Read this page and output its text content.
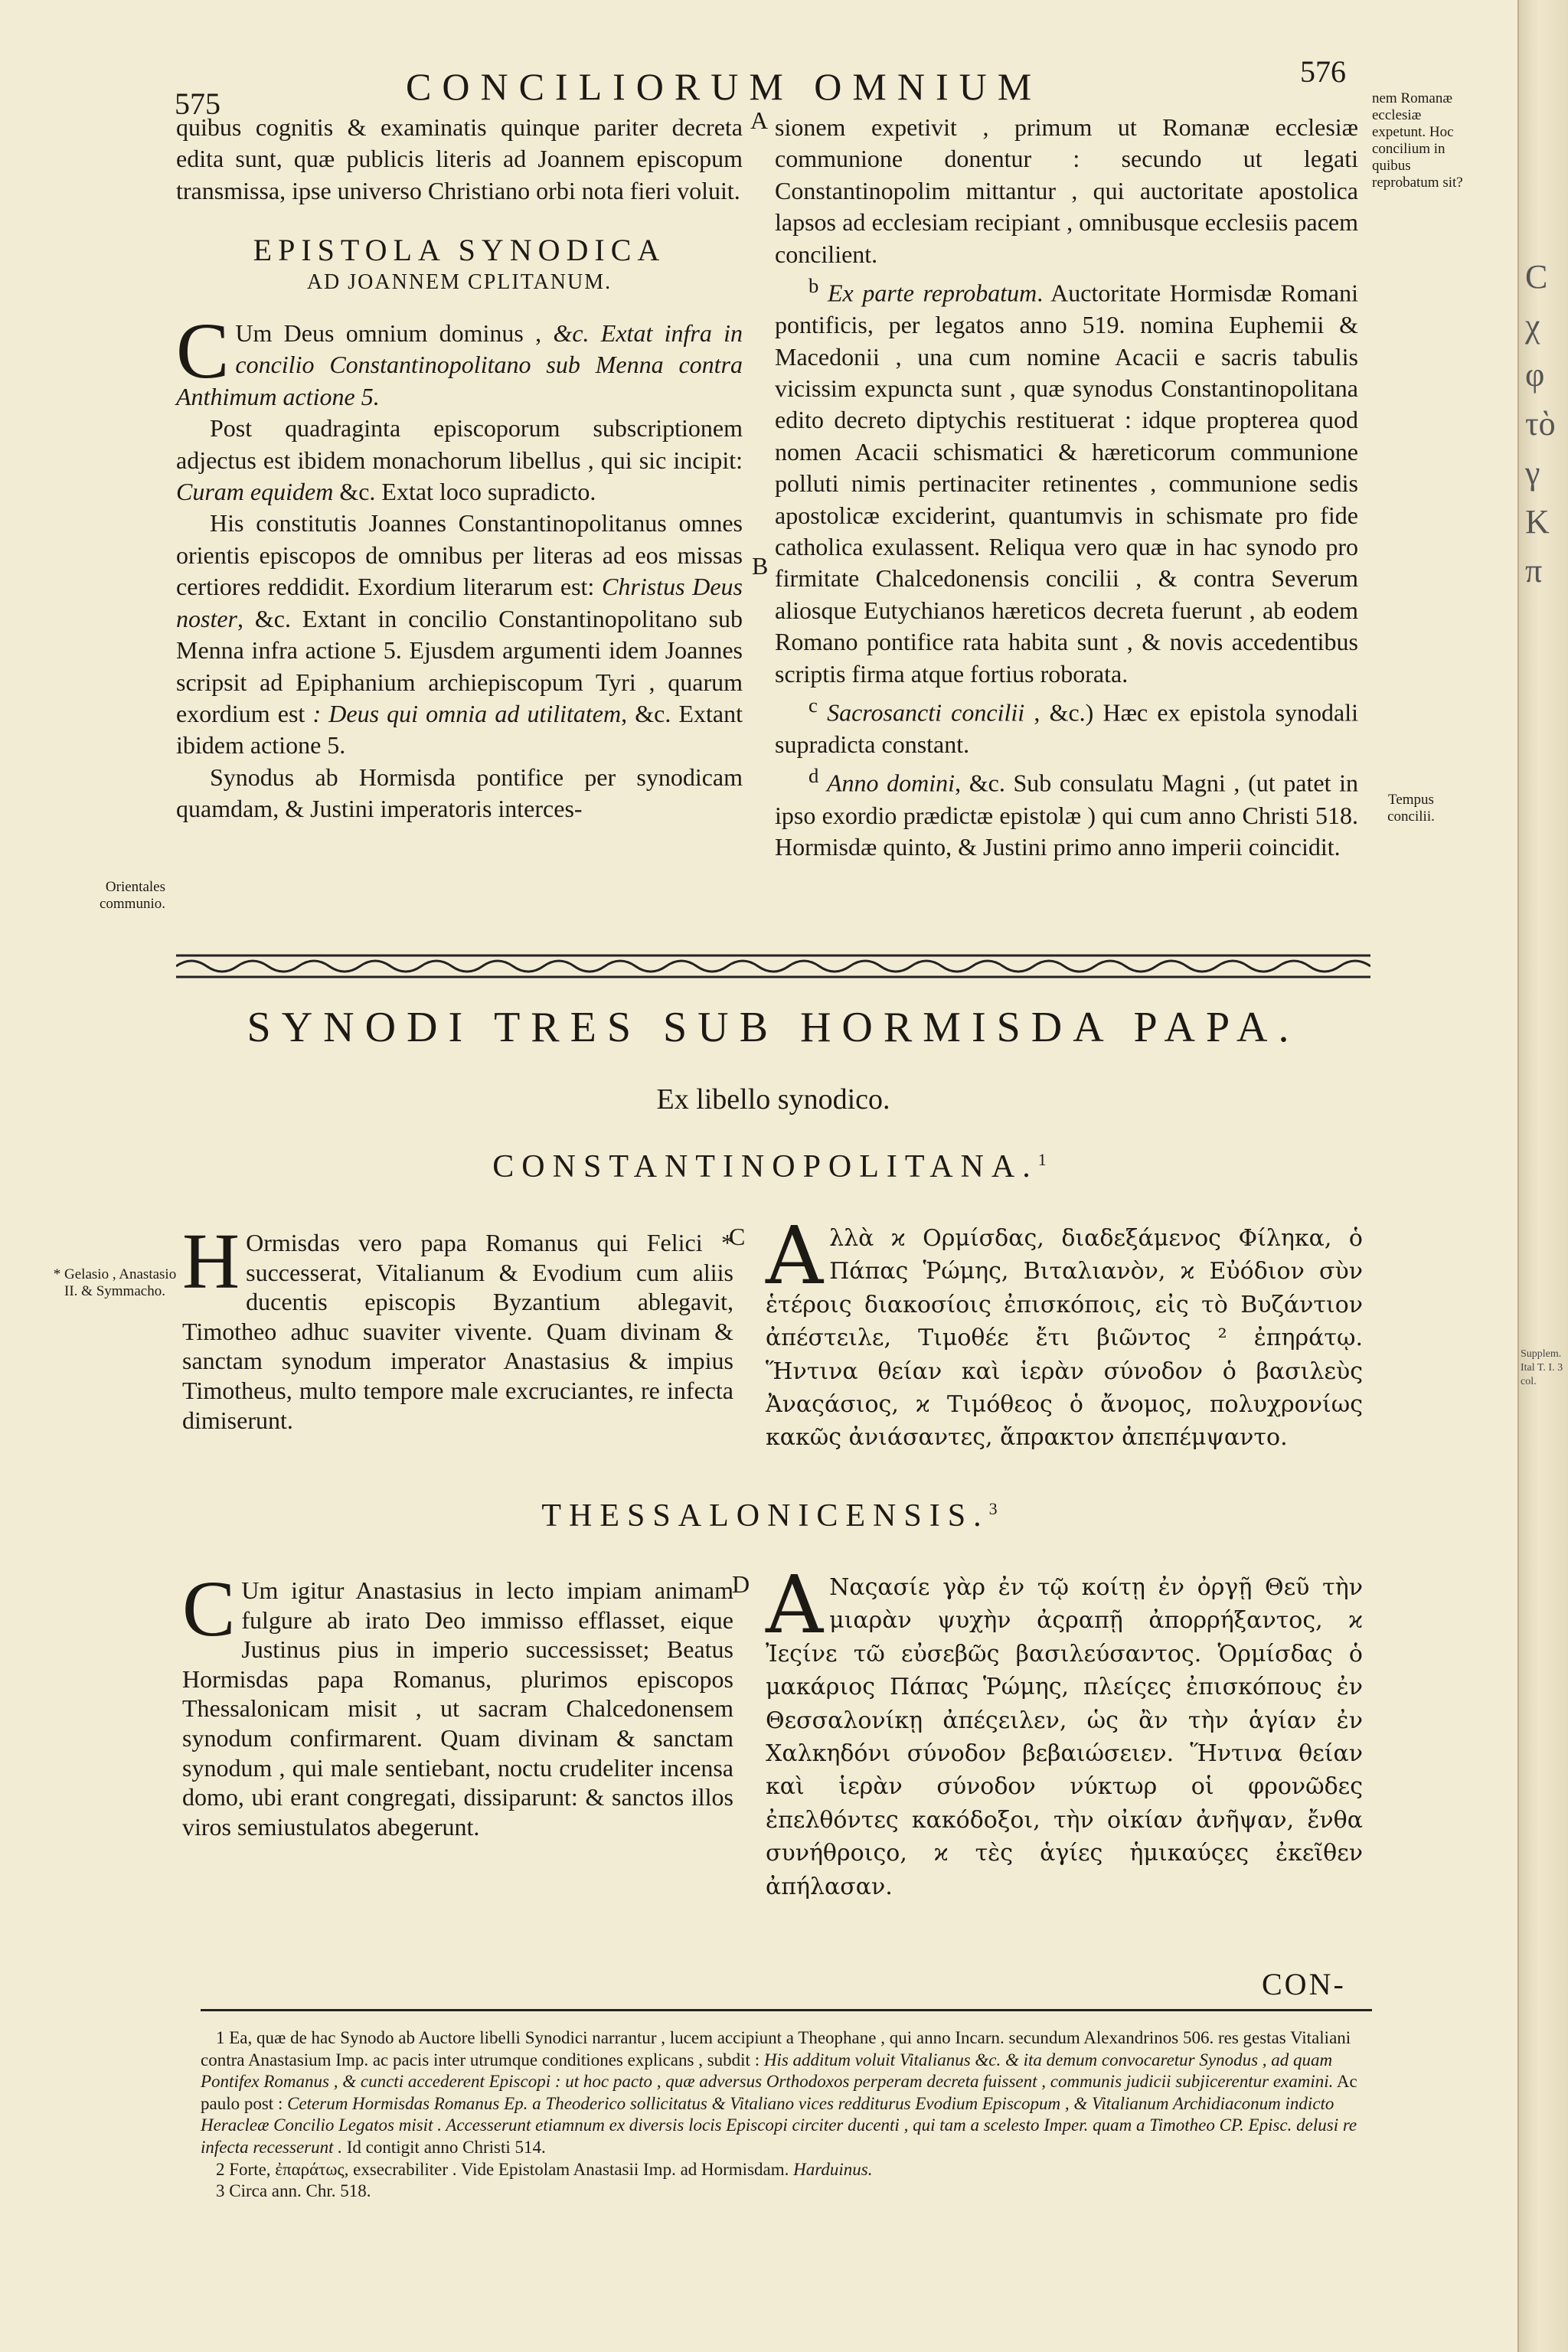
C
χ
φ
τὸ
γ
K
π
Supplem. Ital T. I. 3 col.
575	CONCILIORUM OMNIUM	576

quibus cognitis & examinatis quinque pariter decreta edita sunt, quæ publicis literis ad Joannem episcopum transmissa, ipse universo Christiano orbi nota fieri voluit.

EPISTOLA SYNODICA
AD JOANNEM CPLITANUM.

C Um Deus omnium dominus , &c. Extat infra in concilio Constantinopolitano sub Menna contra Anthimum actione 5.

Post quadraginta episcoporum subscriptionem adjectus est ibidem monachorum libellus , qui sic incipit: Curam equidem &c. Extat loco supradicto.

His constitutis Joannes Constantinopolitanus omnes orientis episcopos de omnibus per literas ad eos missas certiores reddidit. Exordium literarum est: Christus Deus noster, &c. Extant in concilio Constantinopolitano sub Menna infra actione 5. Ejusdem argumenti idem Joannes scripsit ad Epiphanium archiepiscopum Tyri , quarum exordium est : Deus qui omnia ad utilitatem, &c. Extant ibidem actione 5.

Synodus ab Hormisda pontifice per synodicam quamdam, & Justini imperatoris interces-

sionem expetivit , primum ut Romanæ ecclesiæ communione donentur : secundo ut legati Constantinopolim mittantur , qui auctoritate apostolica lapsos ad ecclesiam recipiant , omnibusque ecclesiis pacem concilient.

$^b$ Ex parte reprobatum. Auctoritate Hormisdæ Romani pontificis, per legatos anno 519. nomina Euphemii & Macedonii , una cum nomine Acacii e sacris tabulis vicissim expuncta sunt , quæ synodus Constantinopolitana edito decreto diptychis restituerat : idque propterea quod nomen Acacii schismatici & hæreticorum communione polluti nimis pertinaciter retinentes , communione sedis apostolicæ exciderint, quantumvis in schismate pro fide catholica exulassent. Reliqua vero quæ in hac synodo pro firmitate Chalcedonensis concilii , & contra Severum aliosque Eutychianos hæreticos decreta fuerunt , ab eodem Romano pontifice rata habita sunt , & novis accedentibus scriptis firma atque fortius roborata.

$^c$ Sacrosancti concilii , &c.) Hæc ex epistola synodali supradicta constant.

$^d$ Anno domini, &c. Sub consulatu Magni , (ut patet in ipso exordio prædictæ epistolæ ) qui cum anno Christi 518. Hormisdæ quinto, & Justini primo anno imperii coincidit.

nem Romanæ ecclesiæ expetunt. Hoc concilium in quibus reprobatum sit?
Tempus concilii.
Orientales communio.
* Gelasio , Anastasio II. & Symmacho.
A
B
C
D
SYNODI TRES SUB HORMISDA PAPA.
Ex libello synodico.
CONSTANTINOPOLITANA.$^1$

H Ormisdas vero papa Romanus qui Felici * successerat, Vitalianum & Evodium cum aliis ducentis episcopis Byzantium ablegavit, Timotheo adhuc suaviter vivente. Quam divinam & sanctam synodum imperator Anastasius & impius Timotheus, multo tempore male excruciantes, re infecta dimiserunt.

Αλλὰ ϰ Ορμίσδας, διαδεξάμενος Φίληκα, ὁ Πάπας Ῥώμης, Βιταλιανὸν, ϰ Εὐόδιον σὺν ἑτέροις διακοσίοις ἐπισκόποις, εἰς τὸ Βυζάντιον ἀπέστειλε, Τιμοθέε ἔτι βιῶντος ² ἐπηράτῳ. Ἥντινα θείαν καὶ ἱερὰν σύνοδον ὁ βασιλεὺς Ἀναςάσιος, ϰ Τιμόθεος ὁ ἄνομος, πολυχρονίως κακῶς ἀνιάσαντες, ἄπρακτον ἀπεπέμψαντο.

THESSALONICENSIS.$^3$

C Um igitur Anastasius in lecto impiam animam fulgure ab irato Deo immisso efflasset, eique Justinus pius in imperio successisset; Beatus Hormisdas papa Romanus, plurimos episcopos Thessalonicam misit , ut sacram Chalcedonensem synodum confirmarent. Quam divinam & sanctam synodum , qui male sentiebant, noctu crudeliter incensa domo, ubi erant congregati, dissiparunt: & sanctos illos viros semiustulatos abegerunt.

Α Ναςασίε γὰρ ἐν τῷ κοίτῃ ἐν ὀργῇ Θεῦ τὴν μιαρὰν ψυχὴν ἀςραπῇ ἀπορρήξαντος, ϰ Ἰεςίνε τῶ εὐσεβῶς βασιλεύσαντος. Ὁρμίσδας ὁ μακάριος Πάπας Ῥώμης, πλείςες ἐπισκόπους ἐν Θεσσαλονίκῃ ἀπέςειλεν, ὡς ἂν τὴν ἁγίαν ἐν Χαλκηδόνι σύνοδον βεβαιώσειεν. Ἥντινα θείαν καὶ ἱερὰν σύνοδον νύκτωρ οἱ φρονῶδες ἐπελθόντες κακόδοξοι, τὴν οἰκίαν ἀνῆψαν, ἔνθα συνήθροιςο, ϰ τὲς ἁγίες ἡμικαύςες ἐκεῖθεν ἀπήλασαν.

CON-

1 Ea, quæ de hac Synodo ab Auctore libelli Synodici narrantur , lucem accipiunt a Theophane , qui anno Incarn. secundum Alexandrinos 506. res gestas Vitaliani contra Anastasium Imp. ac pacis inter utrumque conditiones explicans , subdit : His additum voluit Vitalianus &c. & ita demum convocaretur Synodus , ad quam Pontifex Romanus , & cuncti accederent Episcopi : ut hoc pacto , quæ adversus Orthodoxos perperam decreta fuissent , communis judicii subjicerentur examini. Ac paulo post : Ceterum Hormisdas Romanus Ep. a Theoderico sollicitatus & Vitaliano vices redditurus Evodium Episcopum , & Vitalianum Archidiaconum indicto Heracleæ Concilio Legatos misit . Accesserunt etiamnum ex diversis locis Episcopi circiter ducenti , qui tam a scelesto Imper. quam a Timotheo CP. Episc. delusi re infecta recesserunt . Id contigit anno Christi 514.

2 Forte, ἐπαράτως, exsecrabiliter . Vide Epistolam Anastasii Imp. ad Hormisdam. Harduinus.

3 Circa ann. Chr. 518.
